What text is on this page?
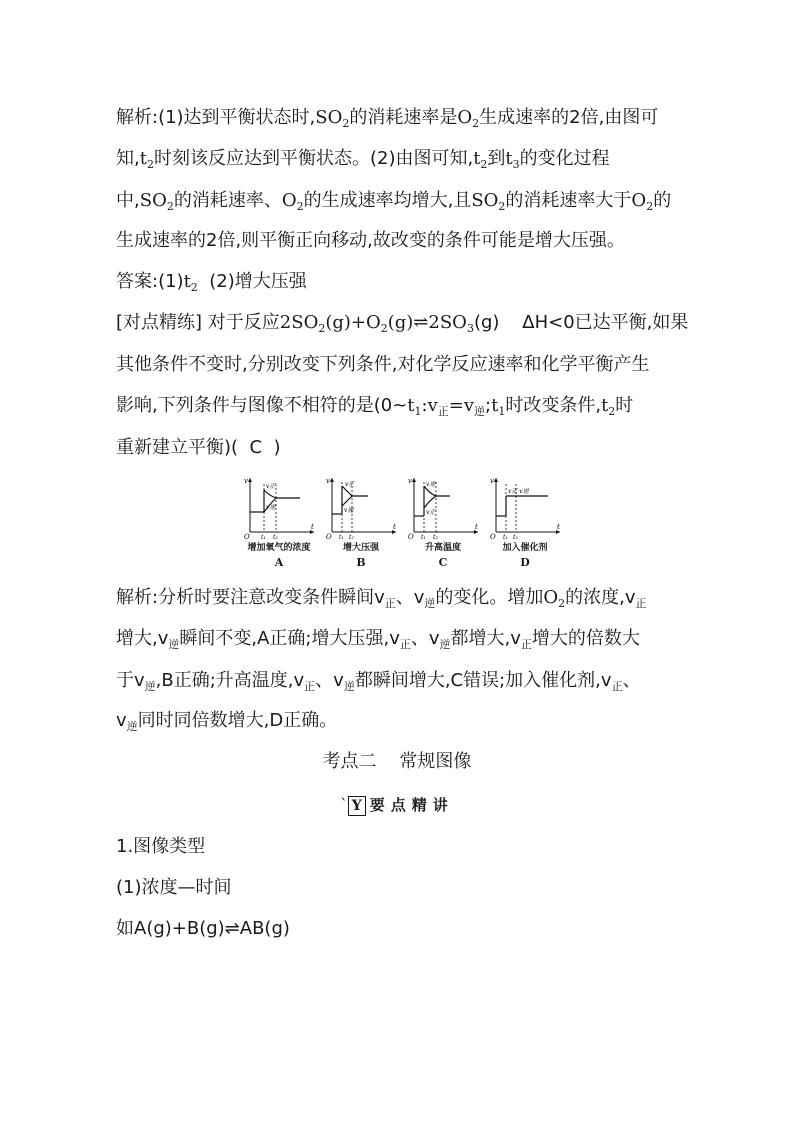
解析:(1)达到平衡状态时$,SO_2$的消耗速率是$O_2$生成速率的2倍,由图可
知$,t_2$时刻该反应达到平衡状态。(2)由图可知$,t_2$到$t_3$的变化过程
中$,SO_2$的消耗速率、$O_2$的生成速率均增大,且$SO_2$的消耗速率大于$O_2$的
生成速率的2倍,则平衡正向移动,故改变的条件可能是增大压强。
答案$:(1)t_2$  (2)增大压强
[对点精练] 对于反应$2SO_2(g)+O_2(g)\rightleftharpoons 2SO_3(g)$    ΔH<0已达平衡,如果
其他条件不变时,分别改变下列条件,对化学反应速率和化学平衡产生
影响,下列条件与图像不相符的是($0\sim t_1:v_正=v_逆;t_1$时改变条件$,t_2$时
重新建立平衡)(  C  )
v
v正
v逆
O t₁ t₂
t
增加氧气的浓度
A
v	v正
v逆
O t₁ t₂
t
增大压强
B
v v逆
v正
O t₁ t₂
t
升高温度
C
v
v正 v逆
O t₁ t₂
t
加入催化剂
D
解析:分析时要注意改变条件瞬间$v_正$、$v_逆$的变化。增加$O_2$的浓度$,v_正$
增大$,v_逆$瞬间不变,A正确;增大压强$,v_正$、$v_逆$都增大$,v_正$增大的倍数大
于$v_逆,B$正确;升高温度$,v_正$、$v_逆$都瞬间增大,C错误;加入催化剂$,v_正$、
$v_逆$同时同倍数增大,D正确。
考点二    常规图像
` Y 要点精讲
1.图像类型
(1)浓度—时间
如A(g)+B(g)⇌AB(g)
